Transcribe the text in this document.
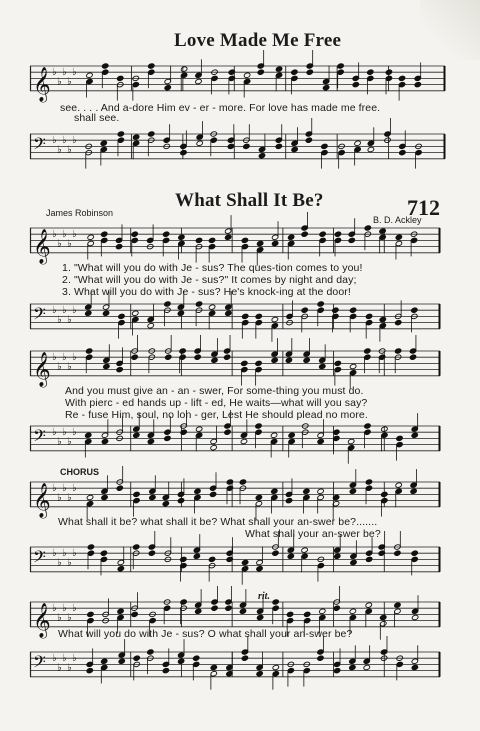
Love Made Me Free
𝄞 ♭
♭
♭
♭
♭
see. . . . And a-dore Him ev - er - more. For love has made me free.
shall see.
𝄢 ♭
♭
♭
♭
♭
What Shall It Be?	712
James Robinson
B. D. Ackley
𝄞 ♭
♭
♭
♭
♭
1. "What will you do with Je - sus? The ques-tion comes to you!
2. "What will you do with Je - sus?" It comes by night and day;
3. What will you do with Je - sus? He's knock-ing at the door!
𝄢 ♭
♭
♭
♭
♭
𝄞 ♭
♭
♭
♭
♭
And you must give an - an - swer, For some-thing you must do.
With pierc - ed hands up - lift - ed, He waits—what will you say?
Re - fuse Him, soul, no lon - ger, Lest He should plead no more.
𝄢 ♭
♭
♭
♭
♭
CHORUS
𝄞 ♭
♭
♭
♭
♭
What shall it be? what shall it be? What shall your an-swer be?.......
What shall your an-swer be?
𝄢 ♭
♭
♭
♭
♭
rit.
𝄞 ♭
♭
♭
♭
♭
What will you do with Je - sus? O what shall your an-swer be?
𝄢 ♭
♭
♭
♭
♭
